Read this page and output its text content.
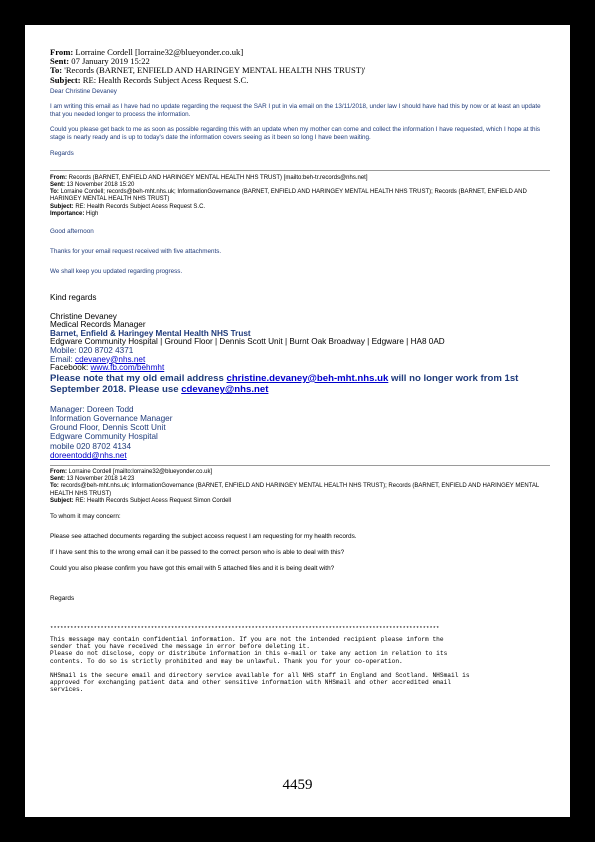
From: Lorraine Cordell [lorraine32@blueyonder.co.uk]
Sent: 07 January 2019 15:22
To: 'Records (BARNET, ENFIELD AND HARINGEY MENTAL HEALTH NHS TRUST)'
Subject: RE: Health Records Subject Acess Request S.C.

Dear Christine Devaney

I am writing this email as I have had no update regarding the request the SAR I put in via email on the 13/11/2018, under law I should have had this by now or at least an update that you needed longer to process the information.

Could you please get back to me as soon as possible regarding this with an update when my mother can come and collect the information I have requested, which I hope at this stage is nearly ready and is up to today's date the information covers seeing as it been so long I have been waiting.

Regards

From: Records (BARNET, ENFIELD AND HARINGEY MENTAL HEALTH NHS TRUST) [mailto:beh-tr.records@nhs.net]
Sent: 13 November 2018 15:20
To: Lorraine Cordell; records@beh-mht.nhs.uk; InformationGovernance (BARNET, ENFIELD AND HARINGEY MENTAL HEALTH NHS TRUST); Records (BARNET, ENFIELD AND HARINGEY MENTAL HEALTH NHS TRUST)
Subject: RE: Health Records Subject Acess Request S.C.
Importance: High

Good afternoon

Thanks for your email request received with five attachments.

We shall keep you updated regarding progress.

Kind regards
Christine Devaney
Medical Records Manager
Barnet, Enfield & Haringey Mental Health NHS Trust
Edgware Community Hospital | Ground Floor | Dennis Scott Unit | Burnt Oak Broadway | Edgware | HA8 0AD
Mobile: 020 8702 4371
Email: cdevaney@nhs.net
Facebook: www.fb.com/behmht
Please note that my old email address christine.devaney@beh-mht.nhs.uk will no longer work from 1st September 2018. Please use cdevaney@nhs.net
Manager: Doreen Todd
Information Governance Manager
Ground Floor, Dennis Scott Unit
Edgware Community Hospital
mobile 020 8702 4134
doreentodd@nhs.net
From: Lorraine Cordell [mailto:lorraine32@blueyonder.co.uk]
Sent: 13 November 2018 14:23
To: records@beh-mht.nhs.uk; InformationGovernance (BARNET, ENFIELD AND HARINGEY MENTAL HEALTH NHS TRUST); Records (BARNET, ENFIELD AND HARINGEY MENTAL HEALTH NHS TRUST)
Subject: RE: Health Records Subject Acess Request Simon Cordell

To whom it may concern:

Please see attached documents regarding the subject access request I am requesting for my health records.

If I have sent this to the wrong email can it be passed to the correct person who is able to deal with this?

Could you also please confirm you have got this email with 5 attached files and it is being dealt with?

Regards

********************************************************************************************************************
This message may contain confidential information. If you are not the intended recipient please inform the
sender that you have received the message in error before deleting it.
Please do not disclose, copy or distribute information in this e-mail or take any action in relation to its
contents. To do so is strictly prohibited and may be unlawful. Thank you for your co-operation.
NHSmail is the secure email and directory service available for all NHS staff in England and Scotland. NHSmail is
approved for exchanging patient data and other sensitive information with NHSmail and other accredited email
services.
4459
